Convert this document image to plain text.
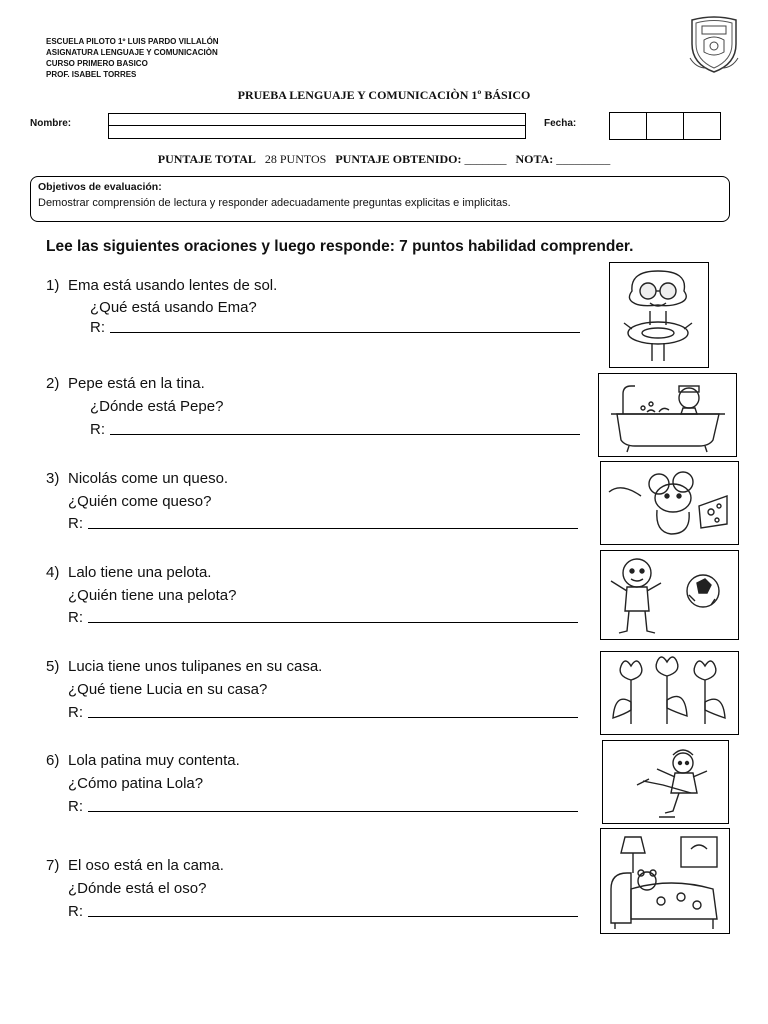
ESCUELA PILOTO 1º LUIS PARDO VILLALÓN
ASIGNATURA LENGUAJE Y COMUNICACIÒN
CURSO PRIMERO BASICO
PROF. ISABEL TORRES
PRUEBA LENGUAJE Y COMUNICACIÒN 1º BÁSICO
Nombre:	Fecha:
PUNTAJE TOTAL 28 PUNTOS PUNTAJE OBTENIDO: _______ NOTA: _________
Objetivos de evaluación:
Demostrar comprensión de lectura y responder adecuadamente preguntas explicitas e implicitas.
Lee las siguientes oraciones y luego responde: 7 puntos habilidad comprender.
1) Ema está usando lentes de sol.
¿Qué está usando Ema?
R:
2) Pepe está en la tina.
¿Dónde está Pepe?
R:
3) Nicolás come un queso.
¿Quién come queso?
R:
4) Lalo tiene una pelota.
¿Quién tiene una pelota?
R:
5) Lucia tiene unos tulipanes en su casa.
¿Qué tiene Lucia en su casa?
R:
6) Lola patina muy contenta.
¿Cómo patina Lola?
R:
7) El oso está en la cama.
¿Dónde está el oso?
R:
